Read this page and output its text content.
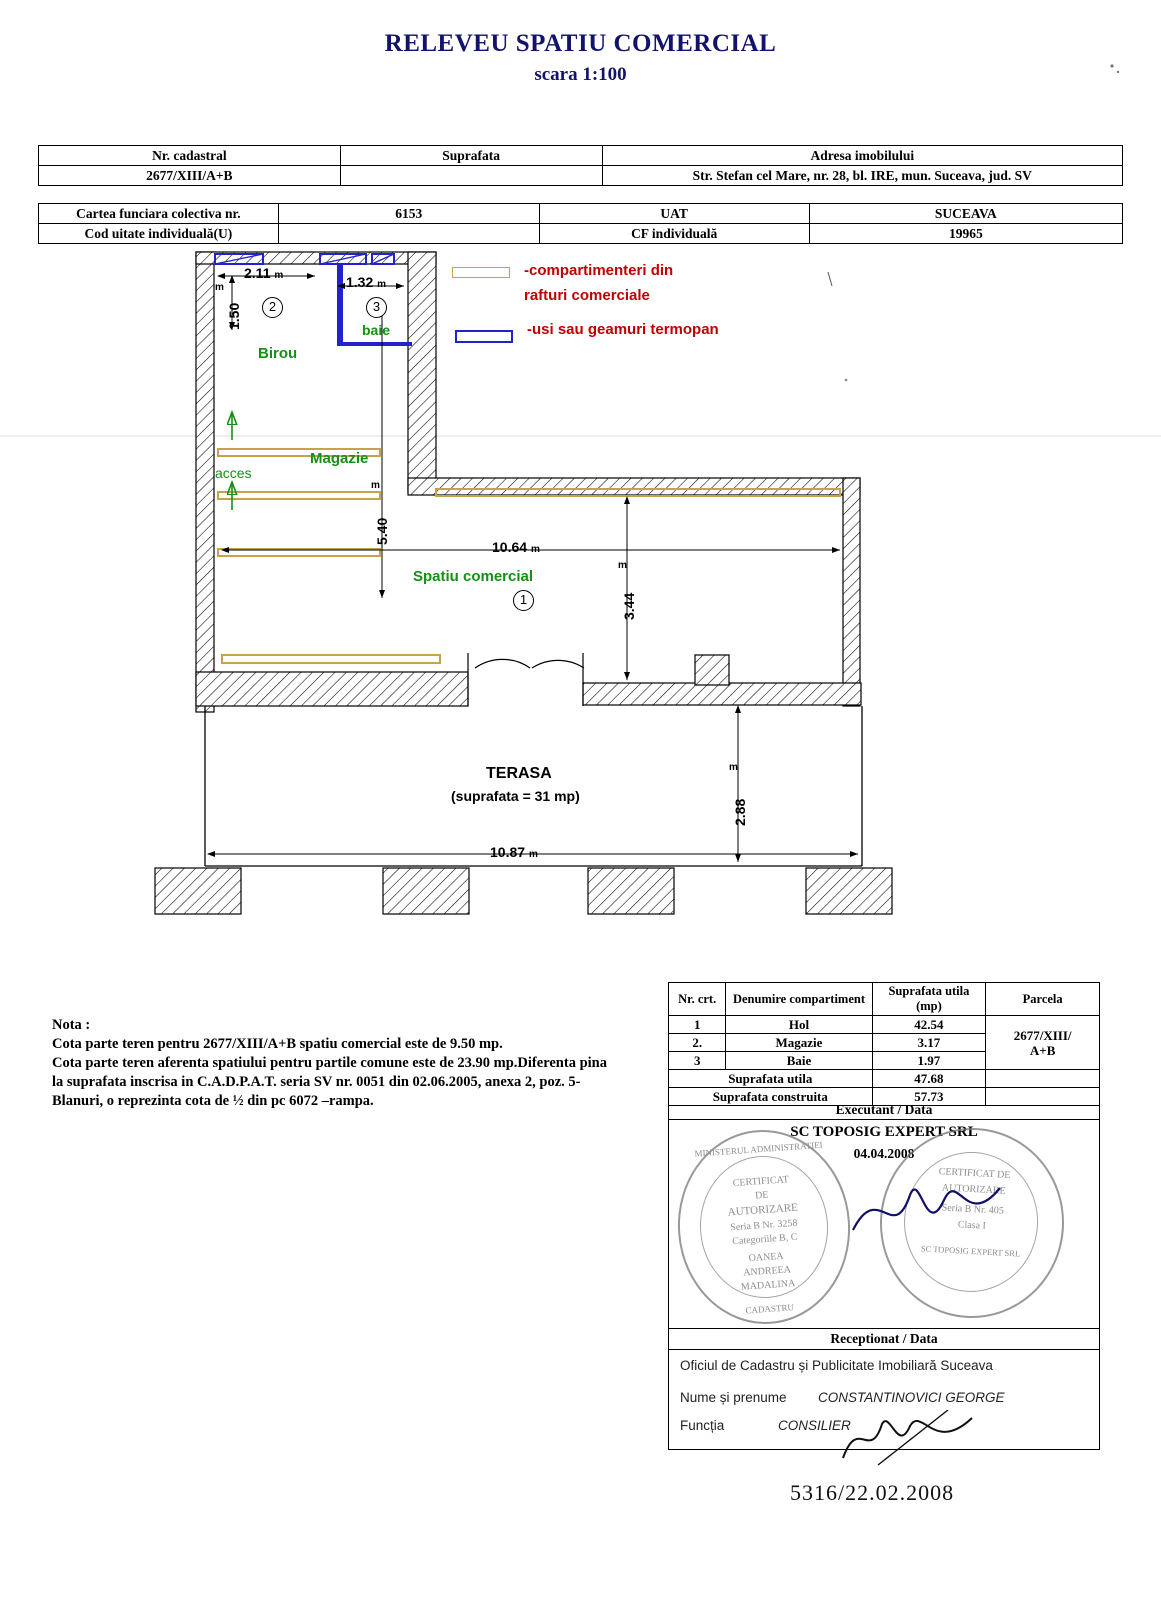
RELEVEU SPATIU COMERCIAL
scara 1:100
Nr. cadastral	Suprafata	Adresa imobilului
2677/XIII/A+B		Str. Stefan cel Mare, nr. 28, bl. IRE, mun. Suceava, jud. SV
Cartea funciara colectiva nr.	6153	UAT	SUCEAVA
Cod uitate individuală(U)		CF individuală	19965
2.11 m	1.32 m
1.50
m
5.40
m
10.64 m
3.44
m
10.87 m
2.88
m
2	3
1
Birou
baie
Magazie
acces
Spatiu comercial
TERASA
(suprafata = 31 mp)
-compartimenteri din
rafturi comerciale
-usi sau geamuri termopan

Nota :

Cota parte teren pentru 2677/XIII/A+B spatiu comercial este de 9.50 mp.

Cota parte teren aferenta spatiului pentru partile comune este de 23.90 mp.Diferenta pina

la suprafata inscrisa in C.A.D.P.A.T. seria SV nr. 0051 din 02.06.2005, anexa 2, poz. 5-

Blanuri, o reprezinta cota de ½ din pc 6072 –rampa.

Nr. crt.	Denumire compartiment	Suprafata utila (mp)	Parcela
1	Hol	42.54	2677/XIII/
A+B

2.	Magazie	3.17	
3	Baie	1.97	
Suprafata utila		47.68	
Suprafata construita		57.73	
Executant / Data
SC TOPOSIG EXPERT SRL
04.04.2008
MINISTERUL ADMINISTRATIEI
CERTIFICAT
DE
AUTORIZARE
Seria B Nr. 3258
Categoriile B, C
OANEA
ANDREEA
MADALINA
CADASTRU
CERTIFICAT DE
AUTORIZARE
Seria B Nr. 405
Clasa I
SC TOPOSIG EXPERT SRL
Receptionat / Data
Oficiul de Cadastru și Publicitate Imobiliară Suceava
Nume și prenume CONSTANTINOVICI GEORGE
Funcția	CONSILIER
5316/22.02.2008
